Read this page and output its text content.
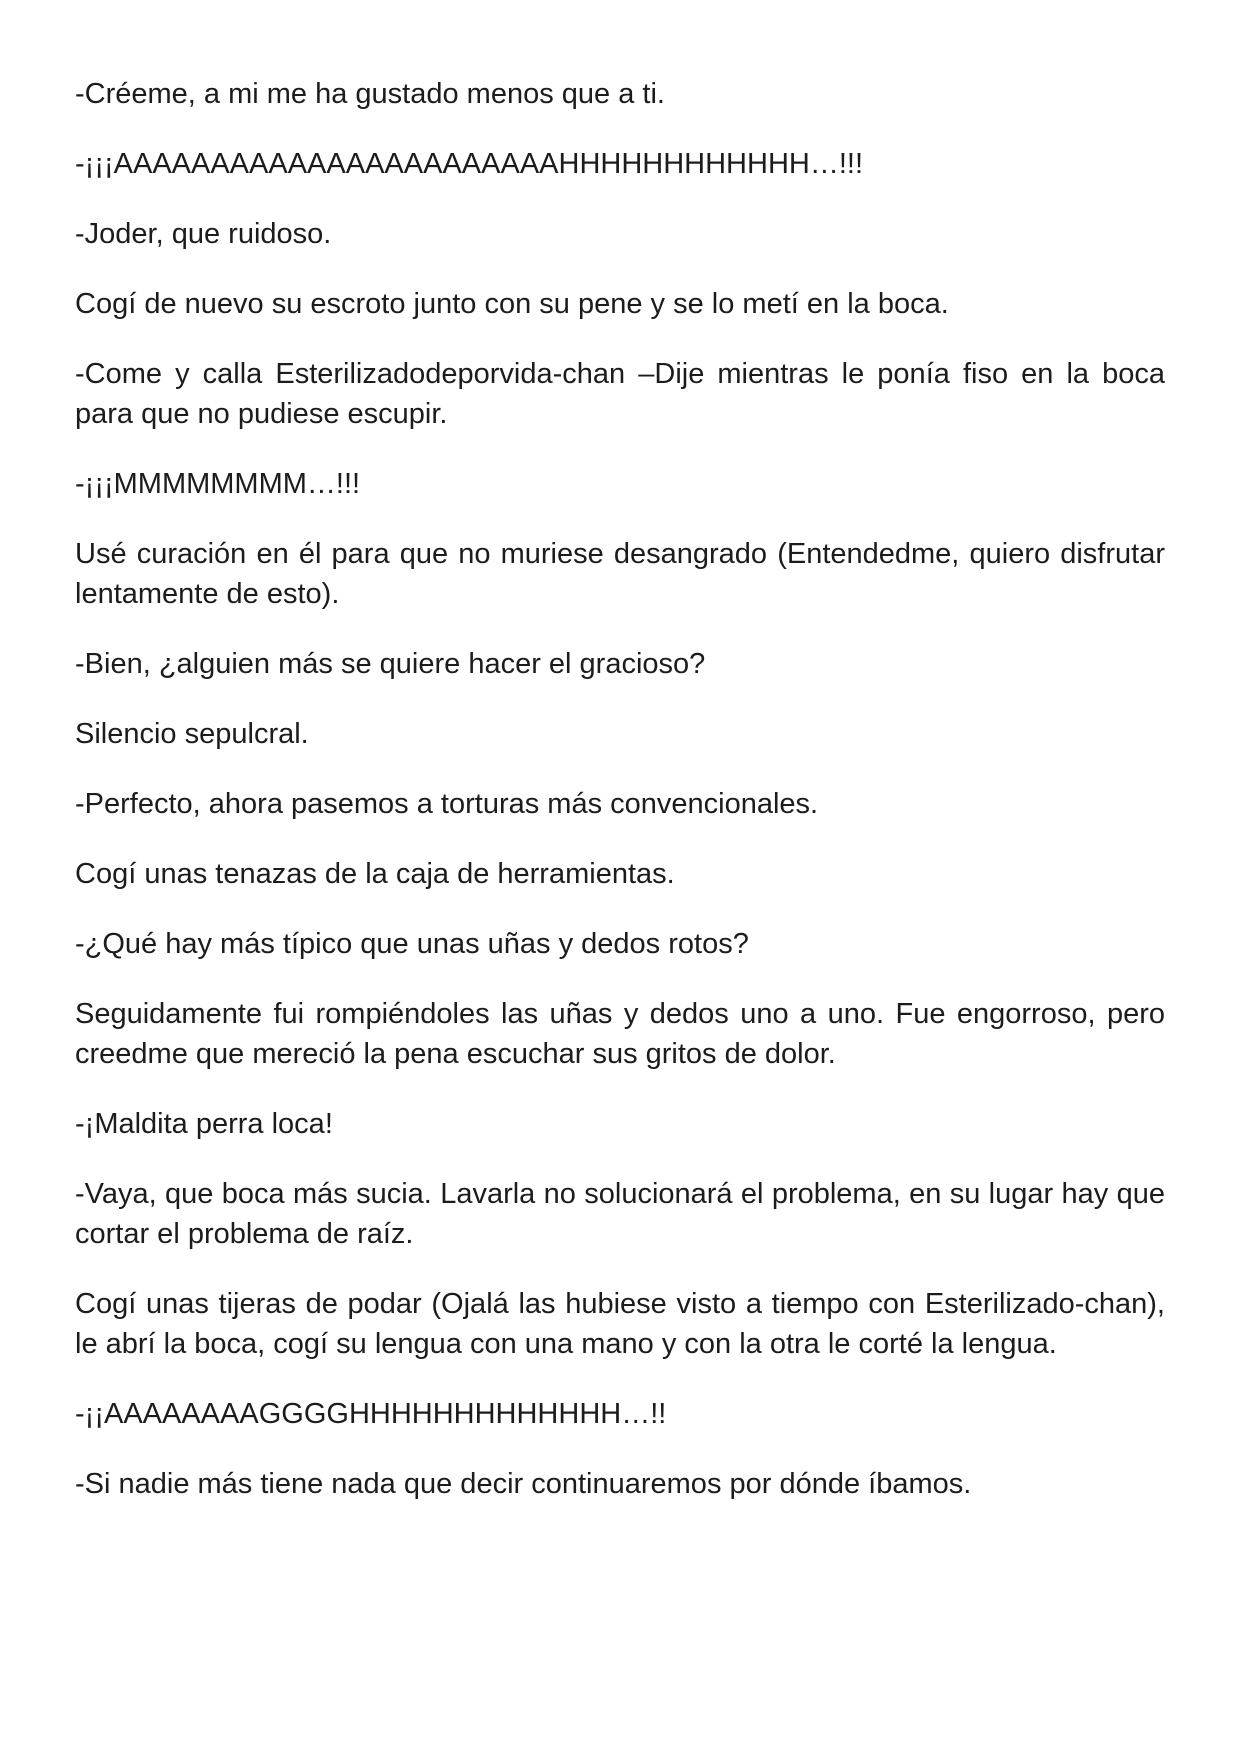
-Créeme, a mi me ha gustado menos que a ti.

-¡¡¡AAAAAAAAAAAAAAAAAAAAAAAHHHHHHHHHHHH…!!!

-Joder, que ruidoso.

Cogí de nuevo su escroto junto con su pene y se lo metí en la boca.

-Come y calla Esterilizadodeporvida-chan –Dije mientras le ponía fiso en la boca para que no pudiese escupir.

-¡¡¡MMMMMMMM…!!!

Usé curación en él para que no muriese desangrado (Entendedme, quiero disfrutar lentamente de esto).

-Bien, ¿alguien más se quiere hacer el gracioso?

Silencio sepulcral.

-Perfecto, ahora pasemos a torturas más convencionales.

Cogí unas tenazas de la caja de herramientas.

-¿Qué hay más típico que unas uñas y dedos rotos?

Seguidamente fui rompiéndoles las uñas y dedos uno a uno. Fue engorroso, pero creedme que mereció la pena escuchar sus gritos de dolor.

-¡Maldita perra loca!

-Vaya, que boca más sucia. Lavarla no solucionará el problema, en su lugar hay que cortar el problema de raíz.

Cogí unas tijeras de podar (Ojalá las hubiese visto a tiempo con Esterilizado-chan), le abrí la boca, cogí su lengua con una mano y con la otra le corté la lengua.

-¡¡AAAAAAAAGGGGHHHHHHHHHHHHH…!!

-Si nadie más tiene nada que decir continuaremos por dónde íbamos.
